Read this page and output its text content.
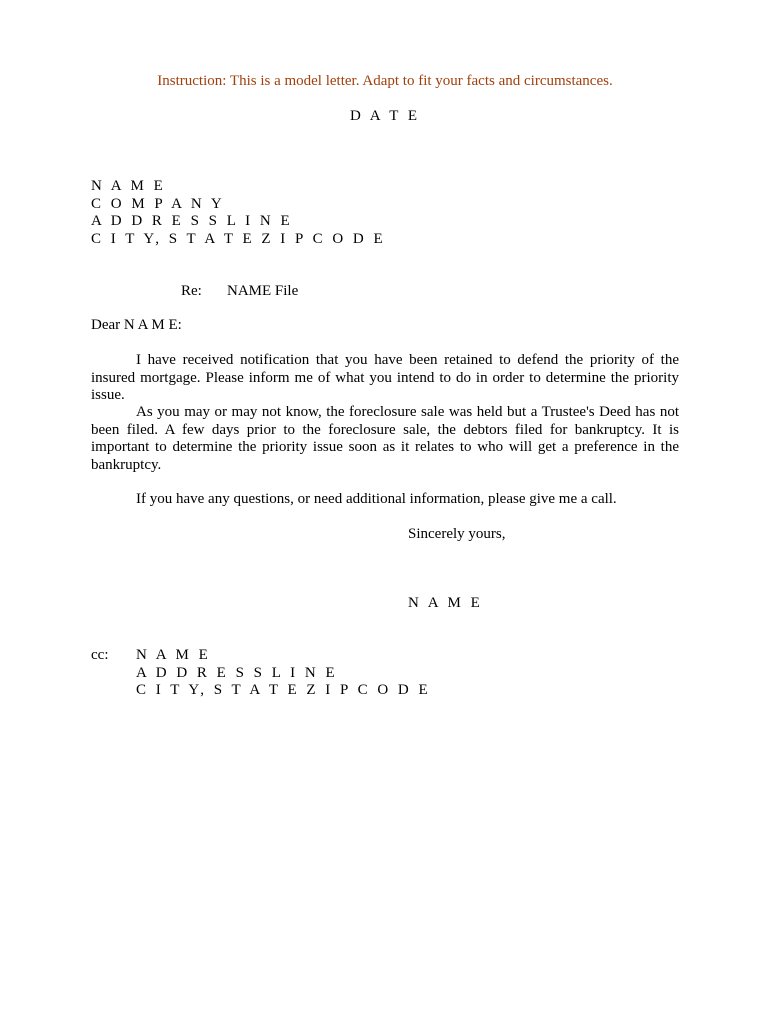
Instruction: This is a model letter. Adapt to fit your facts and circumstances.
D A T E
N A M E
C O M P A N Y
A D D R E S S L I N E
C I T Y, S T A T E Z I P C O D E
Re: NAME File
Dear N A M E:
I have received notification that you have been retained to defend the priority of the insured mortgage. Please inform me of what you intend to do in order to determine the priority issue.
As you may or may not know, the foreclosure sale was held but a Trustee's Deed has not been filed. A few days prior to the foreclosure sale, the debtors filed for bankruptcy. It is important to determine the priority issue soon as it relates to who will get a preference in the bankruptcy.
If you have any questions, or need additional information, please give me a call.
Sincerely yours,
N A M E
cc: N A M E
A D D R E S S L I N E
C I T Y, S T A T E Z I P C O D E
